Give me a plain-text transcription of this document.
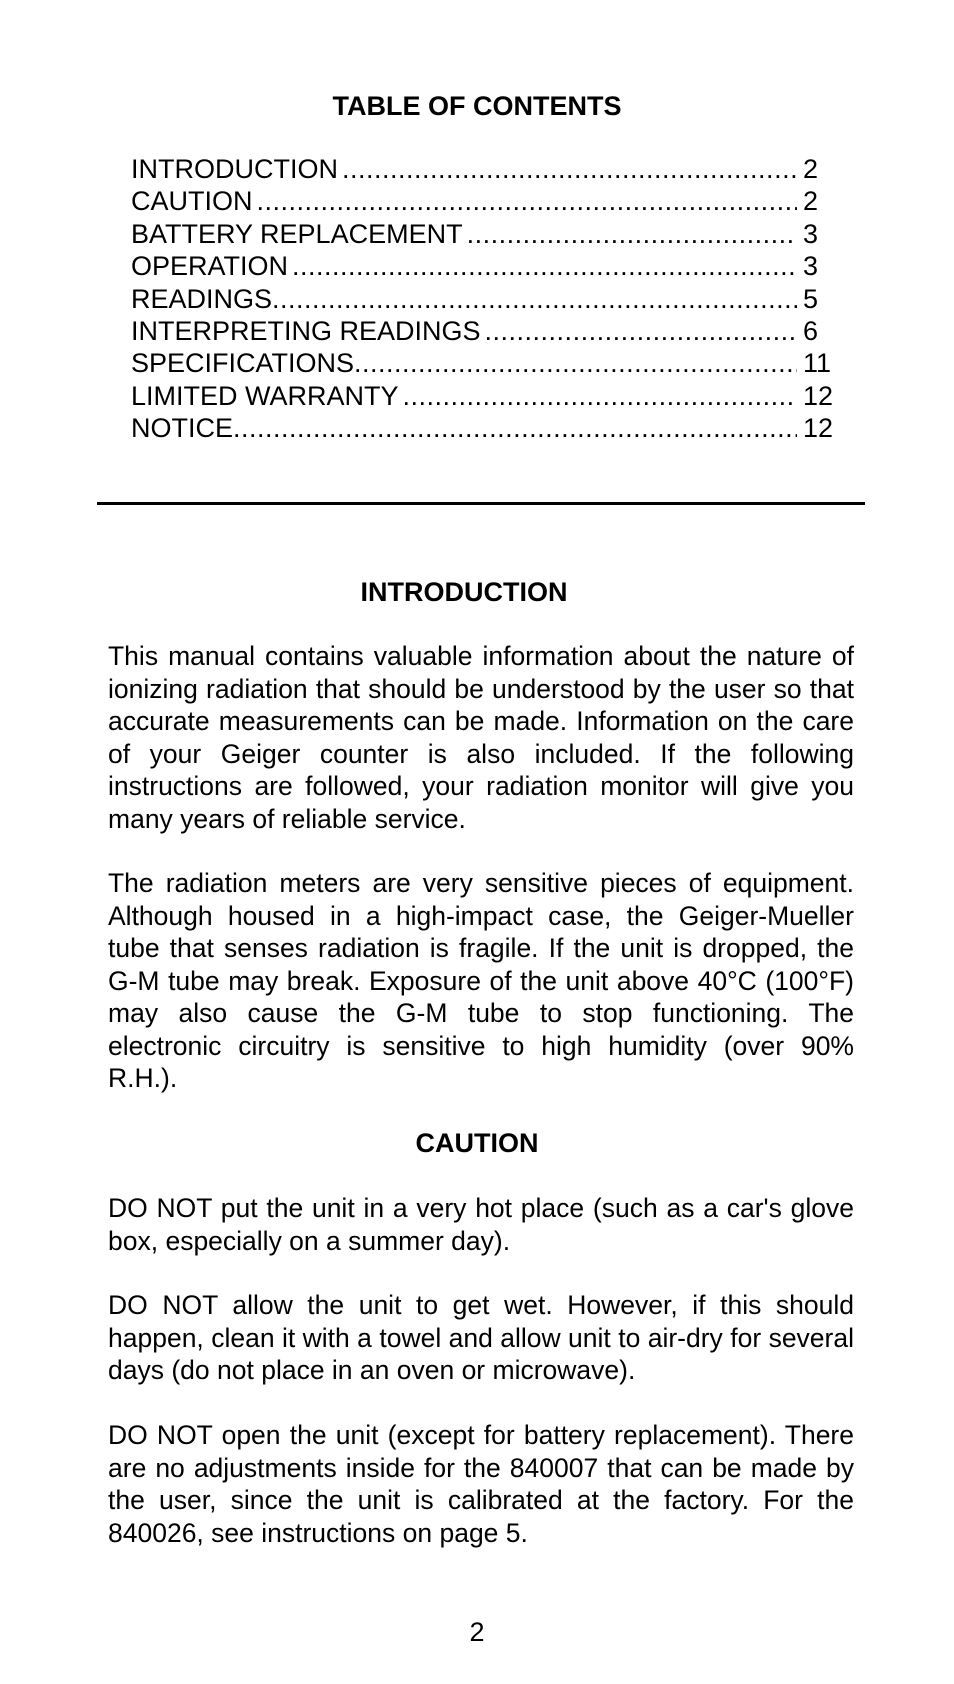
TABLE OF CONTENTS
INTRODUCTION .....	2
CAUTION .....	2
BATTERY REPLACEMENT .....	3
OPERATION .....	3
READINGS .....	5
INTERPRETING READINGS .....	6
SPECIFICATIONS .....	11
LIMITED WARRANTY .....	12
NOTICE .....	12
INTRODUCTION

This manual contains valuable information about the nature of ionizing radiation that should be understood by the user so that accurate measurements can be made. Information on the care of your Geiger counter is also included. If the following instructions are followed, your radiation monitor will give you many years of reliable service.

The radiation meters are very sensitive pieces of equipment. Although housed in a high-impact case, the Geiger-Mueller tube that senses radiation is fragile. If the unit is dropped, the G-M tube may break. Exposure of the unit above 40°C (100°F) may also cause the G-M tube to stop functioning. The electronic circuitry is sensitive to high humidity (over 90% R.H.).

CAUTION

DO NOT put the unit in a very hot place (such as a car's glove box, especially on a summer day).

DO NOT allow the unit to get wet. However, if this should happen, clean it with a towel and allow unit to air-dry for several days (do not place in an oven or microwave).

DO NOT open the unit (except for battery replacement). There are no adjustments inside for the 840007 that can be made by the user, since the unit is calibrated at the factory. For the 840026, see instructions on page 5.

2
